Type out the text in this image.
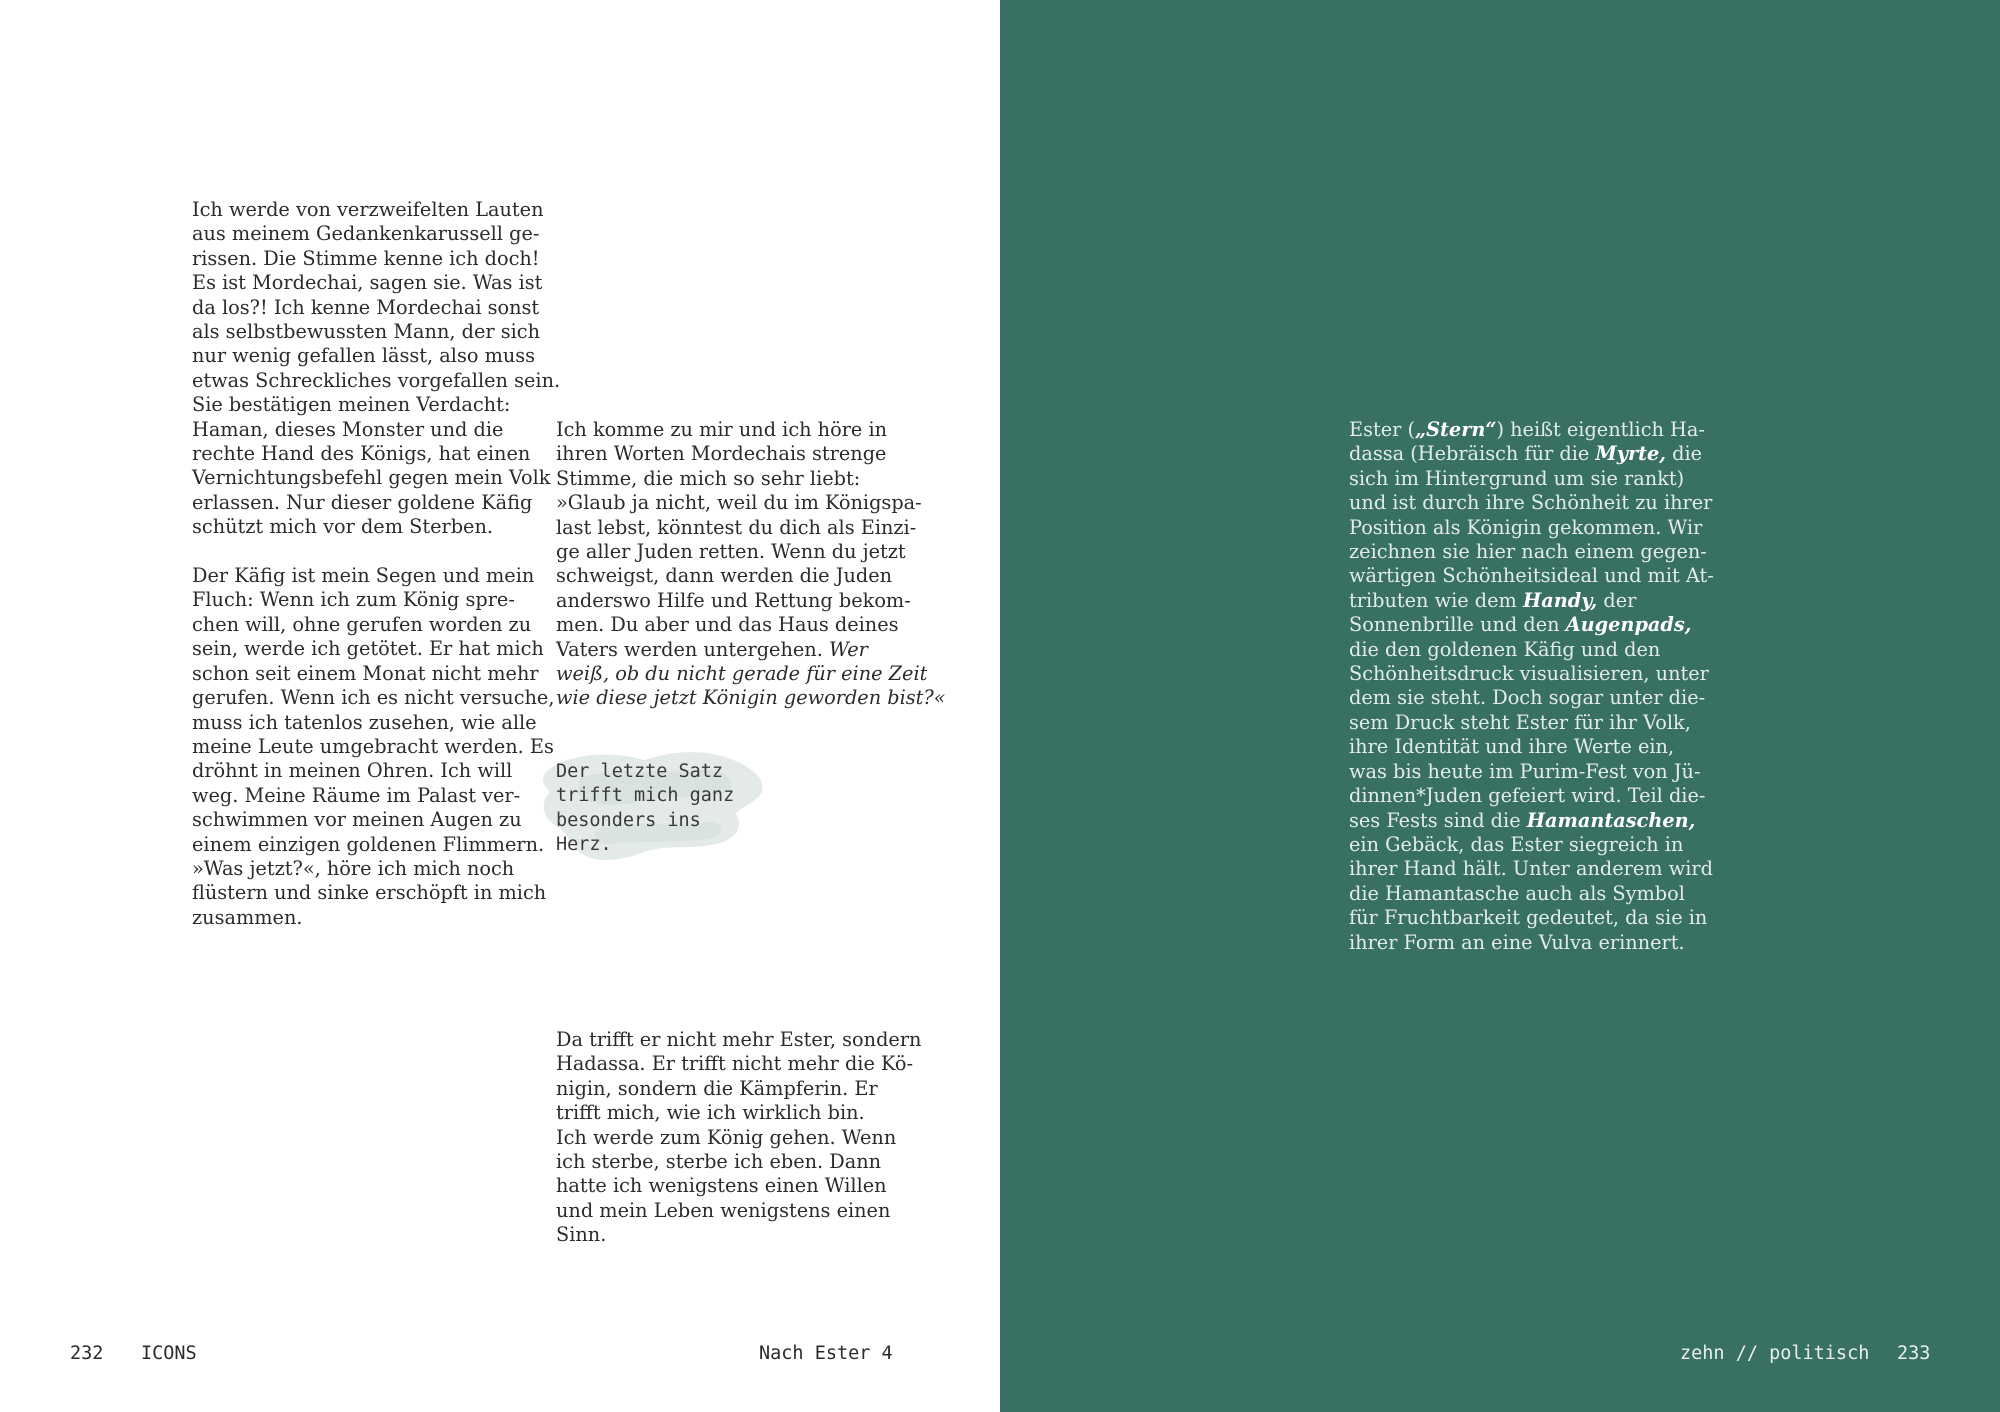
Ich werde von verzweifelten Lauten
aus meinem Gedankenkarussell ge-
rissen. Die Stimme kenne ich doch!
Es ist Mordechai, sagen sie. Was ist
da los?! Ich kenne Mordechai sonst
als selbstbewussten Mann, der sich
nur wenig gefallen lässt, also muss
etwas Schreckliches vorgefallen sein.
Sie bestätigen meinen Verdacht:
Haman, dieses Monster und die
rechte Hand des Königs, hat einen
Vernichtungsbefehl gegen mein Volk
erlassen. Nur dieser goldene Käfig
schützt mich vor dem Sterben.

Der Käfig ist mein Segen und mein
Fluch: Wenn ich zum König spre-
chen will, ohne gerufen worden zu
sein, werde ich getötet. Er hat mich
schon seit einem Monat nicht mehr
gerufen. Wenn ich es nicht versuche,
muss ich tatenlos zusehen, wie alle
meine Leute umgebracht werden. Es
dröhnt in meinen Ohren. Ich will
weg. Meine Räume im Palast ver-
schwimmen vor meinen Augen zu
einem einzigen goldenen Flimmern.
»Was jetzt?«, höre ich mich noch
flüstern und sinke erschöpft in mich
zusammen.

Ich komme zu mir und ich höre in
ihren Worten Mordechais strenge
Stimme, die mich so sehr liebt:
»Glaub ja nicht, weil du im Königspa-
last lebst, könntest du dich als Einzi-
ge aller Juden retten. Wenn du jetzt
schweigst, dann werden die Juden
anderswo Hilfe und Rettung bekom-
men. Du aber und das Haus deines
Vaters werden untergehen. Wer
weiß, ob du nicht gerade für eine Zeit
wie diese jetzt Königin geworden bist?«

Da trifft er nicht mehr Ester, sondern
Hadassa. Er trifft nicht mehr die Kö-
nigin, sondern die Kämpferin. Er
trifft mich, wie ich wirklich bin.
Ich werde zum König gehen. Wenn
ich sterbe, sterbe ich eben. Dann
hatte ich wenigstens einen Willen
und mein Leben wenigstens einen
Sinn.

Der letzte Satz
trifft mich ganz
besonders ins
Herz.

232 ICONS	Nach Ester 4

Ester („Stern“) heißt eigentlich Ha-
dassa (Hebräisch für die Myrte, die
sich im Hintergrund um sie rankt)
und ist durch ihre Schönheit zu ihrer
Position als Königin gekommen. Wir
zeichnen sie hier nach einem gegen-
wärtigen Schönheitsideal und mit At-
tributen wie dem Handy, der
Sonnenbrille und den Augenpads,
die den goldenen Käfig und den
Schönheitsdruck visualisieren, unter
dem sie steht. Doch sogar unter die-
sem Druck steht Ester für ihr Volk,
ihre Identität und ihre Werte ein,
was bis heute im Purim-Fest von Jü-
dinnen*Juden gefeiert wird. Teil die-
ses Fests sind die Hamantaschen,
ein Gebäck, das Ester siegreich in
ihrer Hand hält. Unter anderem wird
die Hamantasche auch als Symbol
für Fruchtbarkeit gedeutet, da sie in
ihrer Form an eine Vulva erinnert.

zehn // politisch 233
